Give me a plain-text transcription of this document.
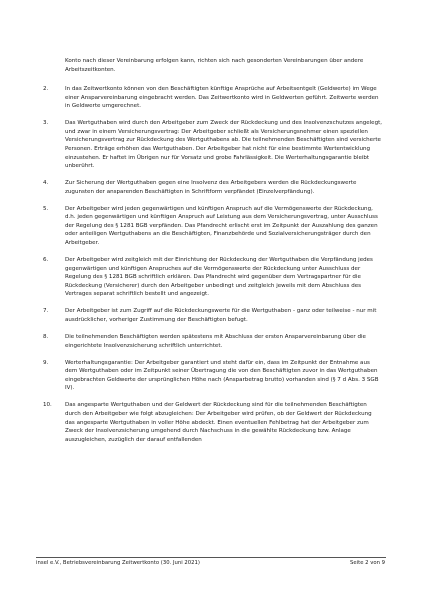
Konto nach dieser Vereinbarung erfolgen kann, richten sich nach gesonderten Vereinbarungen über andere Arbeitszeitkonten.

2.	In das Zeitwertkonto können von den Beschäftigten künftige Ansprüche auf Arbeitsentgelt (Geldwerte) im Wege einer Ansparvereinbarung eingebracht werden. Das Zeitwertkonto wird in Geldwerten geführt. Zeitwerte werden in Geldwerte umgerechnet.

3.	Das Wertguthaben wird durch den Arbeitgeber zum Zweck der Rückdeckung und des Insolvenzschutzes angelegt, und zwar in einem Versicherungsvertrag: Der Arbeitgeber schließt als Versicherungsnehmer einen speziellen Versicherungsvertrag zur Rückdeckung des Wertguthabens ab. Die teilnehmenden Beschäftigten sind versicherte Personen. Erträge erhöhen das Wertguthaben. Der Arbeitgeber hat nicht für eine bestimmte Wertentwicklung einzustehen. Er haftet im Übrigen nur für Vorsatz und grobe Fahrlässigkeit. Die Werterhaltungsgarantie bleibt unberührt.

4.	Zur Sicherung der Wertguthaben gegen eine Insolvenz des Arbeitgebers werden die Rückdeckungswerte zugunsten der ansparenden Beschäftigten in Schriftform verpfändet (Einzelverpfändung).

5.	Der Arbeitgeber wird jeden gegenwärtigen und künftigen Anspruch auf die Vermögenswerte der Rückdeckung, d.h. jeden gegenwärtigen und künftigen Anspruch auf Leistung aus dem Versicherungsvertrag, unter Ausschluss der Regelung des § 1281 BGB verpfänden. Das Pfandrecht erlischt erst im Zeitpunkt der Auszahlung des ganzen oder anteiligen Wertguthabens an die Beschäftigten, Finanzbehörde und Sozialversicherungsträger durch den Arbeitgeber.

6.	Der Arbeitgeber wird zeitgleich mit der Einrichtung der Rückdeckung der Wertguthaben die Verpfändung jedes gegenwärtigen und künftigen Anspruches auf die Vermögenswerte der Rückdeckung unter Ausschluss der Regelung des § 1281 BGB schriftlich erklären. Das Pfandrecht wird gegenüber dem Vertragspartner für die Rückdeckung (Versicherer) durch den Arbeitgeber unbedingt und zeitgleich jeweils mit dem Abschluss des Vertrages separat schriftlich bestellt und angezeigt.

7.	Der Arbeitgeber ist zum Zugriff auf die Rückdeckungswerte für die Wertguthaben - ganz oder teilweise - nur mit ausdrücklicher, vorheriger Zustimmung der Beschäftigten befugt.

8.	Die teilnehmenden Beschäftigten werden spätestens mit Abschluss der ersten Ansparvereinbarung über die eingerichtete Insolvenzsicherung schriftlich unterrichtet.

9.	Werterhaltungsgarantie: Der Arbeitgeber garantiert und steht dafür ein, dass im Zeitpunkt der Entnahme aus dem Wertguthaben oder im Zeitpunkt seiner Übertragung die von den Beschäftigten zuvor in das Wertguthaben eingebrachten Geldwerte der ursprünglichen Höhe nach (Ansparbetrag brutto) vorhanden sind (§ 7 d Abs. 3 SGB IV).

10. Das angesparte Wertguthaben und der Geldwert der Rückdeckung sind für die teilnehmenden Beschäftigten durch den Arbeitgeber wie folgt abzugleichen: Der Arbeitgeber wird prüfen, ob der Geldwert der Rückdeckung das angesparte Wertguthaben in voller Höhe abdeckt. Einen eventuellen Fehlbetrag hat der Arbeitgeber zum Zweck der Insolvenzsicherung umgehend durch Nachschuss in die gewählte Rückdeckung bzw. Anlage auszugleichen, zuzüglich der darauf entfallenden

insel e.V., Betriebsvereinbarung Zeitwertkonto (30. Juni 2021)	Seite 2 von 9
